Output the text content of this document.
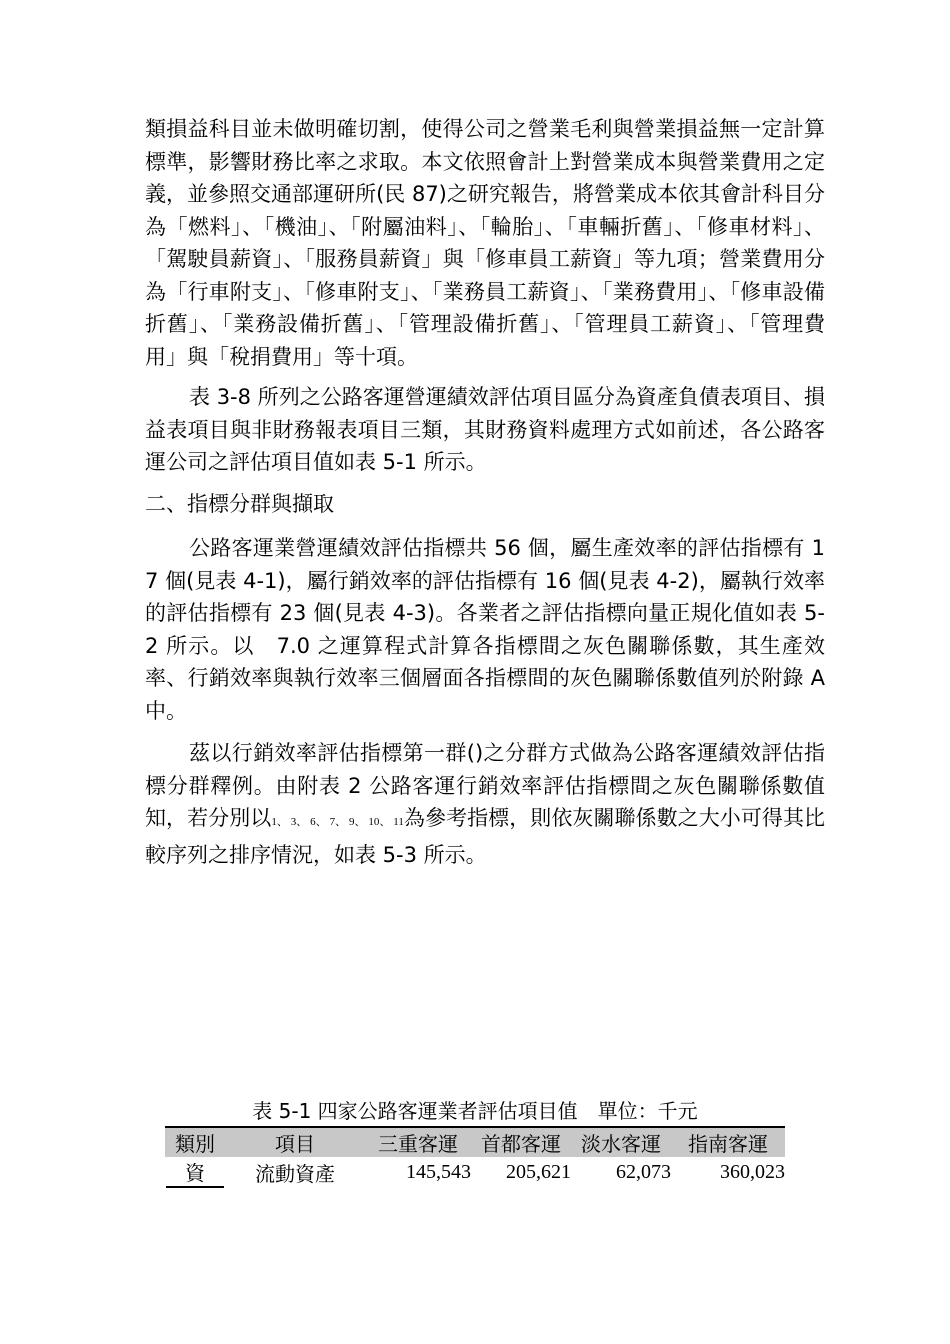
類損益科目並未做明確切割，使得公司之營業毛利與營業損益無一定計算標準，影響財務比率之求取。本文依照會計上對營業成本與營業費用之定義，並參照交通部運研所(民 87)之研究報告，將營業成本依其會計科目分為「燃料」、「機油」、「附屬油料」、「輪胎」、「車輛折舊」、「修車材料」、「駕駛員薪資」、「服務員薪資」與「修車員工薪資」等九項；營業費用分為「行車附支」、「修車附支」、「業務員工薪資」、「業務費用」、「修車設備折舊」、「業務設備折舊」、「管理設備折舊」、「管理員工薪資」、「管理費用」與「稅捐費用」等十項。

表 3-8 所列之公路客運營運績效評估項目區分為資產負債表項目、損益表項目與非財務報表項目三類，其財務資料處理方式如前述，各公路客運公司之評估項目值如表 5-1 所示。

二、指標分群與擷取

公路客運業營運績效評估指標共 56 個，屬生產效率的評估指標有 17 個(見表 4-1)，屬行銷效率的評估指標有 16 個(見表 4-2)，屬執行效率的評估指標有 23 個(見表 4-3)。各業者之評估指標向量正規化值如表 5-2 所示。以　7.0 之運算程式計算各指標間之灰色關聯係數，其生產效率、行銷效率與執行效率三個層面各指標間的灰色關聯係數值列於附錄 A 中。

茲以行銷效率評估指標第一群()之分群方式做為公路客運績效評估指標分群釋例。由附表 2 公路客運行銷效率評估指標間之灰色關聯係數值知，若分別以1、 3、 6、 7、 9、 10、 11為參考指標，則依灰關聯係數之大小可得其比較序列之排序情況，如表 5-3 所示。

表 5-1 四家公路客運業者評估項目值　單位：千元
類別	項目	三重客運	首都客運	淡水客運	指南客運
資	流動資產	145,543	205,621	62,073	360,023
